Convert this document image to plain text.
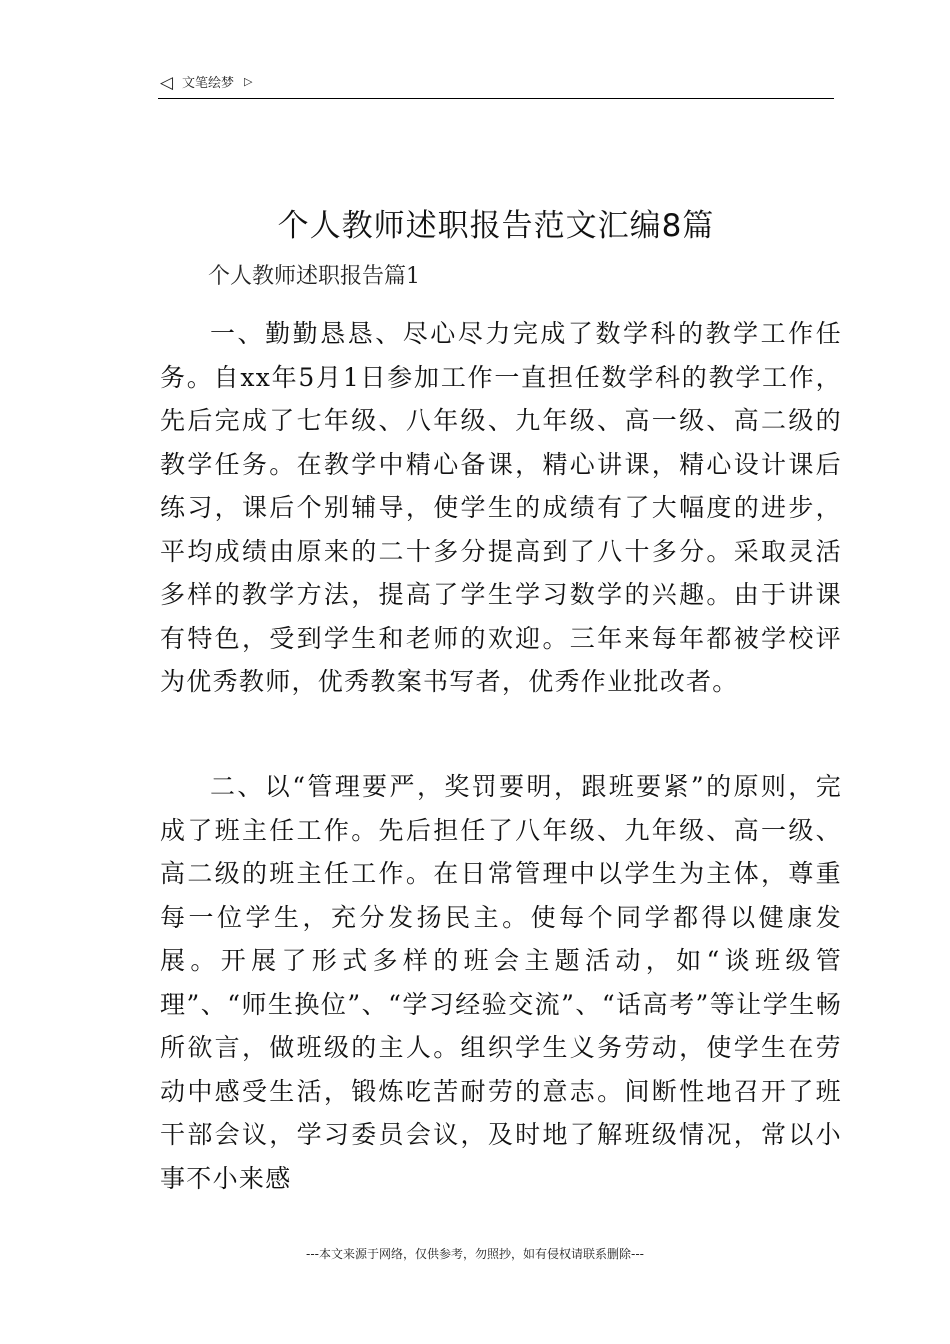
◁ 文笔绘梦 ▷
个人教师述职报告范文汇编8篇

个人教师述职报告篇1

一、勤勤恳恳、尽心尽力完成了数学科的教学工作任务。自xx年5月1日参加工作一直担任数学科的教学工作，先后完成了七年级、八年级、九年级、高一级、高二级的教学任务。在教学中精心备课，精心讲课，精心设计课后练习，课后个别辅导，使学生的成绩有了大幅度的进步，平均成绩由原来的二十多分提高到了八十多分。采取灵活多样的教学方法，提高了学生学习数学的兴趣。由于讲课有特色，受到学生和老师的欢迎。三年来每年都被学校评为优秀教师，优秀教案书写者，优秀作业批改者。

二、以“管理要严，奖罚要明，跟班要紧”的原则，完成了班主任工作。先后担任了八年级、九年级、高一级、高二级的班主任工作。在日常管理中以学生为主体，尊重每一位学生，充分发扬民主。使每个同学都得以健康发展。开展了形式多样的班会主题活动，如“谈班级管理”、“师生换位”、“学习经验交流”、“话高考”等让学生畅所欲言，做班级的主人。组织学生义务劳动，使学生在劳动中感受生活，锻炼吃苦耐劳的意志。间断性地召开了班干部会议，学习委员会议，及时地了解班级情况，常以小事不小来感

---本文来源于网络，仅供参考，勿照抄，如有侵权请联系删除---
